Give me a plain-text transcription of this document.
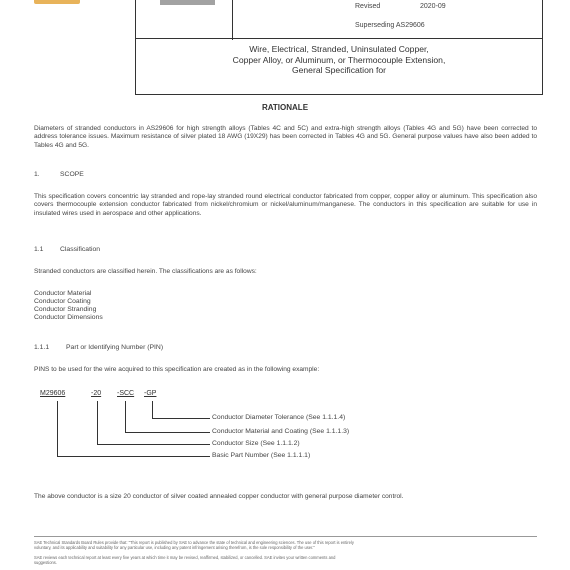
Revised	2020-09
Superseding AS29606
Wire, Electrical, Stranded, Uninsulated Copper,
Copper Alloy, or Aluminum, or Thermocouple Extension,
General Specification for
RATIONALE
Diameters of stranded conductors in AS29606 for high strength alloys (Tables 4C and 5C) and extra-high strength alloys (Tables 4G and 5G) have been corrected to address tolerance issues. Maximum resistance of silver plated 18 AWG (19X29) has been corrected in Tables 4G and 5G. General purpose values have also been added to Tables 4G and 5G.
1.	SCOPE
This specification covers concentric lay stranded and rope-lay stranded round electrical conductor fabricated from copper, copper alloy or aluminum. This specification also covers thermocouple extension conductor fabricated from nickel/chromium or nickel/aluminum/manganese. The conductors in this specification are suitable for use in insulated wires used in aerospace and other applications.
1.1 Classification
Stranded conductors are classified herein. The classifications are as follows:
Conductor Material
Conductor Coating
Conductor Stranding
Conductor Dimensions
1.1.1 Part or Identifying Number (PIN)
PINS to be used for the wire acquired to this specification are created as in the following example:
M29606	-20 -SCC -GP
Conductor Diameter Tolerance (See 1.1.1.4)
Conductor Material and Coating (See 1.1.1.3)
Conductor Size (See 1.1.1.2)
Basic Part Number (See 1.1.1.1)
The above conductor is a size 20 conductor of silver coated annealed copper conductor with general purpose diameter control.
SAE Technical Standards Board Rules provide that: "This report is published by SAE to advance the state of technical and engineering sciences. The use of this report is entirely
voluntary, and its applicability and suitability for any particular use, including any patent infringement arising therefrom, is the sole responsibility of the user."
SAE reviews each technical report at least every five years at which time it may be revised, reaffirmed, stabilized, or cancelled. SAE invites your written comments and
suggestions.
